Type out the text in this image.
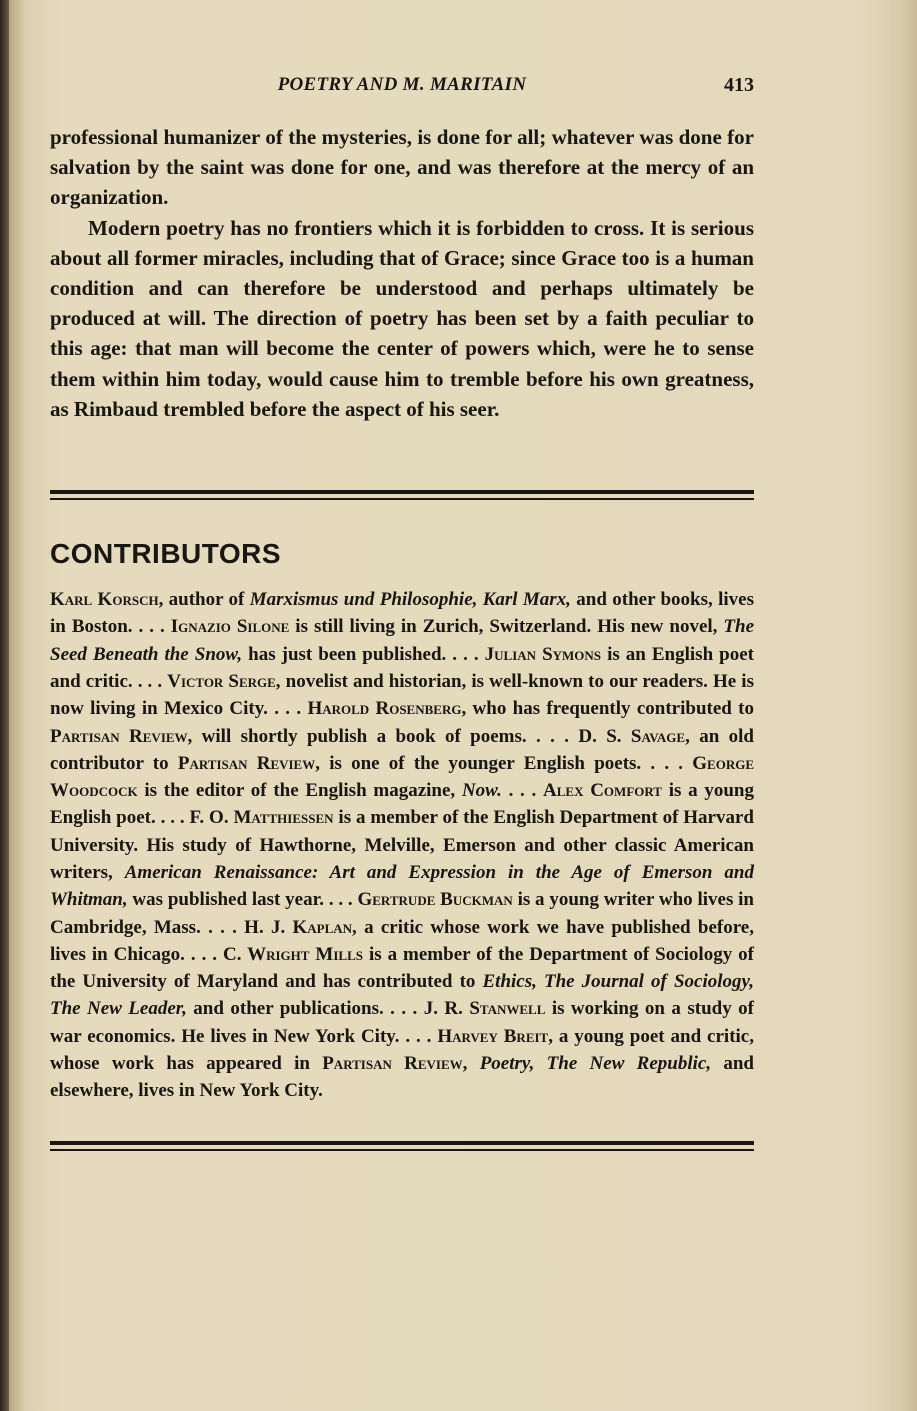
POETRY AND M. MARITAIN	413

professional humanizer of the mysteries, is done for all; whatever was done for salvation by the saint was done for one, and was therefore at the mercy of an organization.

Modern poetry has no frontiers which it is forbidden to cross. It is serious about all former miracles, including that of Grace; since Grace too is a human condition and can therefore be understood and perhaps ultimately be produced at will. The direction of poetry has been set by a faith peculiar to this age: that man will become the center of powers which, were he to sense them within him today, would cause him to tremble before his own greatness, as Rimbaud trembled before the aspect of his seer.

CONTRIBUTORS
Karl Korsch, author of Marxismus und Philosophie, Karl Marx, and other books, lives in Boston. . . . Ignazio Silone is still living in Zurich, Switzerland. His new novel, The Seed Beneath the Snow, has just been published. . . . Julian Symons is an English poet and critic. . . . Victor Serge, novelist and historian, is well-known to our readers. He is now living in Mexico City. . . . Harold Rosenberg, who has frequently contributed to Partisan Review, will shortly publish a book of poems. . . . D. S. Savage, an old contributor to Partisan Review, is one of the younger English poets. . . . George Woodcock is the editor of the English magazine, Now. . . . Alex Comfort is a young English poet. . . . F. O. Matthiessen is a member of the English Department of Harvard University. His study of Hawthorne, Melville, Emerson and other classic American writers, American Renaissance: Art and Expression in the Age of Emerson and Whitman, was published last year. . . . Gertrude Buckman is a young writer who lives in Cambridge, Mass. . . . H. J. Kaplan, a critic whose work we have published before, lives in Chicago. . . . C. Wright Mills is a member of the Department of Sociology of the University of Maryland and has contributed to Ethics, The Journal of Sociology, The New Leader, and other publications. . . . J. R. Stanwell is working on a study of war economics. He lives in New York City. . . . Harvey Breit, a young poet and critic, whose work has appeared in Partisan Review, Poetry, The New Republic, and elsewhere, lives in New York City.
